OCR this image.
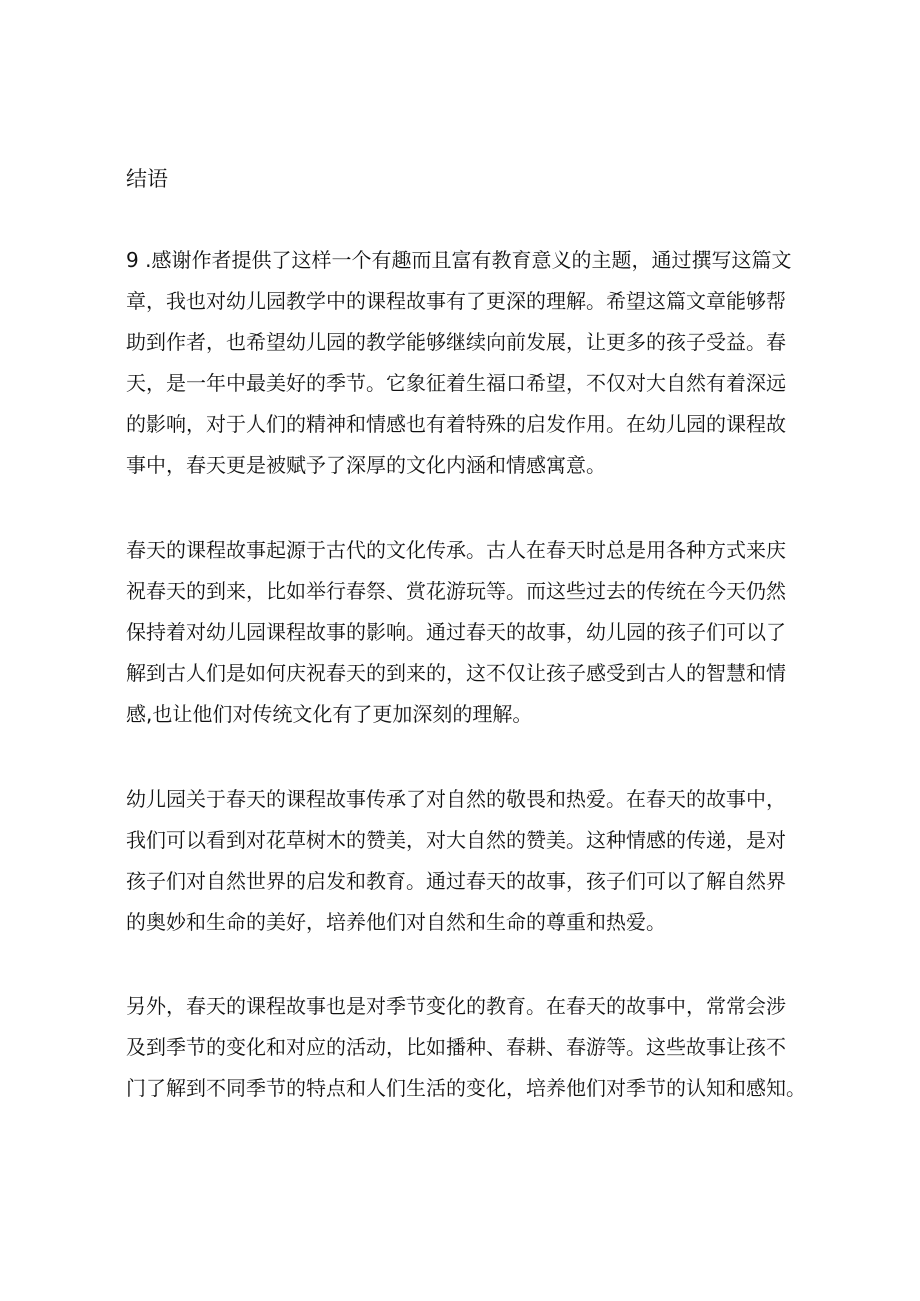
结语

9 .感谢作者提供了这样一个有趣而且富有教育意义的主题，通过撰写这篇文
章，我也对幼儿园教学中的课程故事有了更深的理解。希望这篇文章能够帮
助到作者，也希望幼儿园的教学能够继续向前发展，让更多的孩子受益。春
天，是一年中最美好的季节。它象征着生福口希望，不仅对大自然有着深远
的影响，对于人们的精神和情感也有着特殊的启发作用。在幼儿园的课程故
事中，春天更是被赋予了深厚的文化内涵和情感寓意。

春天的课程故事起源于古代的文化传承。古人在春天时总是用各种方式来庆
祝春天的到来，比如举行春祭、赏花游玩等。而这些过去的传统在今天仍然
保持着对幼儿园课程故事的影响。通过春天的故事，幼儿园的孩子们可以了
解到古人们是如何庆祝春天的到来的，这不仅让孩子感受到古人的智慧和情
感,也让他们对传统文化有了更加深刻的理解。

幼儿园关于春天的课程故事传承了对自然的敬畏和热爱。在春天的故事中，
我们可以看到对花草树木的赞美，对大自然的赞美。这种情感的传递，是对
孩子们对自然世界的启发和教育。通过春天的故事，孩子们可以了解自然界
的奥妙和生命的美好，培养他们对自然和生命的尊重和热爱。

另外，春天的课程故事也是对季节变化的教育。在春天的故事中，常常会涉
及到季节的变化和对应的活动，比如播种、春耕、春游等。这些故事让孩不
门了解到不同季节的特点和人们生活的变化，培养他们对季节的认知和感知。
